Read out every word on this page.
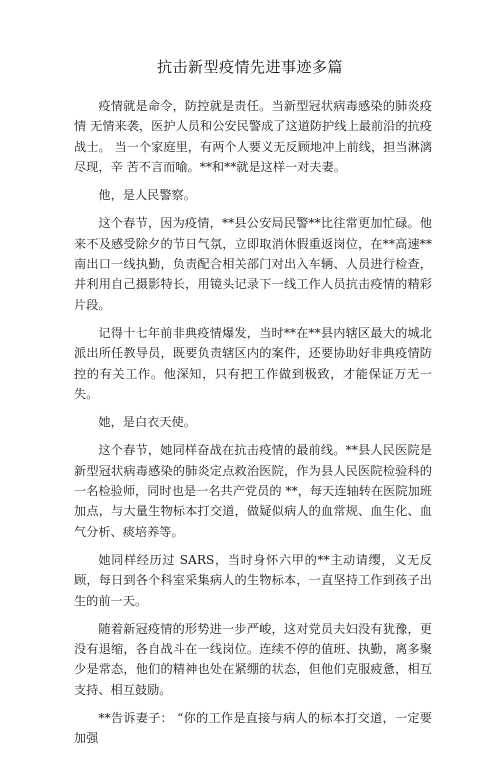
抗击新型疫情先进事迹多篇

疫情就是命令，防控就是责任。当新型冠状病毒感染的肺炎疫情 无情来袭，医护人员和公安民警成了这道防护线上最前沿的抗疫战士。 当一个家庭里，有两个人要义无反顾地冲上前线，担当淋漓尽现，辛 苦不言而喻。**和**就是这样一对夫妻。

他，是人民警察。

这个春节，因为疫情，**县公安局民警**比往常更加忙碌。他来不及感受除夕的节日气氛，立即取消休假重返岗位，在**高速**南出口一线执勤，负责配合相关部门对出入车辆、人员进行检查，并利用自己摄影特长，用镜头记录下一线工作人员抗击疫情的精彩片段。

记得十七年前非典疫情爆发，当时**在**县内辖区最大的城北派出所任教导员，既要负责辖区内的案件，还要协助好非典疫情防控的有关工作。他深知，只有把工作做到极致，才能保证万无一失。

她，是白衣天使。

这个春节，她同样奋战在抗击疫情的最前线。**县人民医院是新型冠状病毒感染的肺炎定点救治医院，作为县人民医院检验科的一名检验师，同时也是一名共产党员的 **，每天连轴转在医院加班加点，与大量生物标本打交道，做疑似病人的血常规、血生化、血气分析、痰培养等。

她同样经历过 SARS，当时身怀六甲的**主动请缨，义无反顾，每日到各个科室采集病人的生物标本，一直坚持工作到孩子出生的前一天。

随着新冠疫情的形势进一步严峻，这对党员夫妇没有犹豫，更没有退缩，各自战斗在一线岗位。连续不停的值班、执勤，离多聚少是常态，他们的精神也处在紧绷的状态，但他们克服疲惫，相互支持、相互鼓励。

**告诉妻子： “你的工作是直接与病人的标本打交道，一定要加强
